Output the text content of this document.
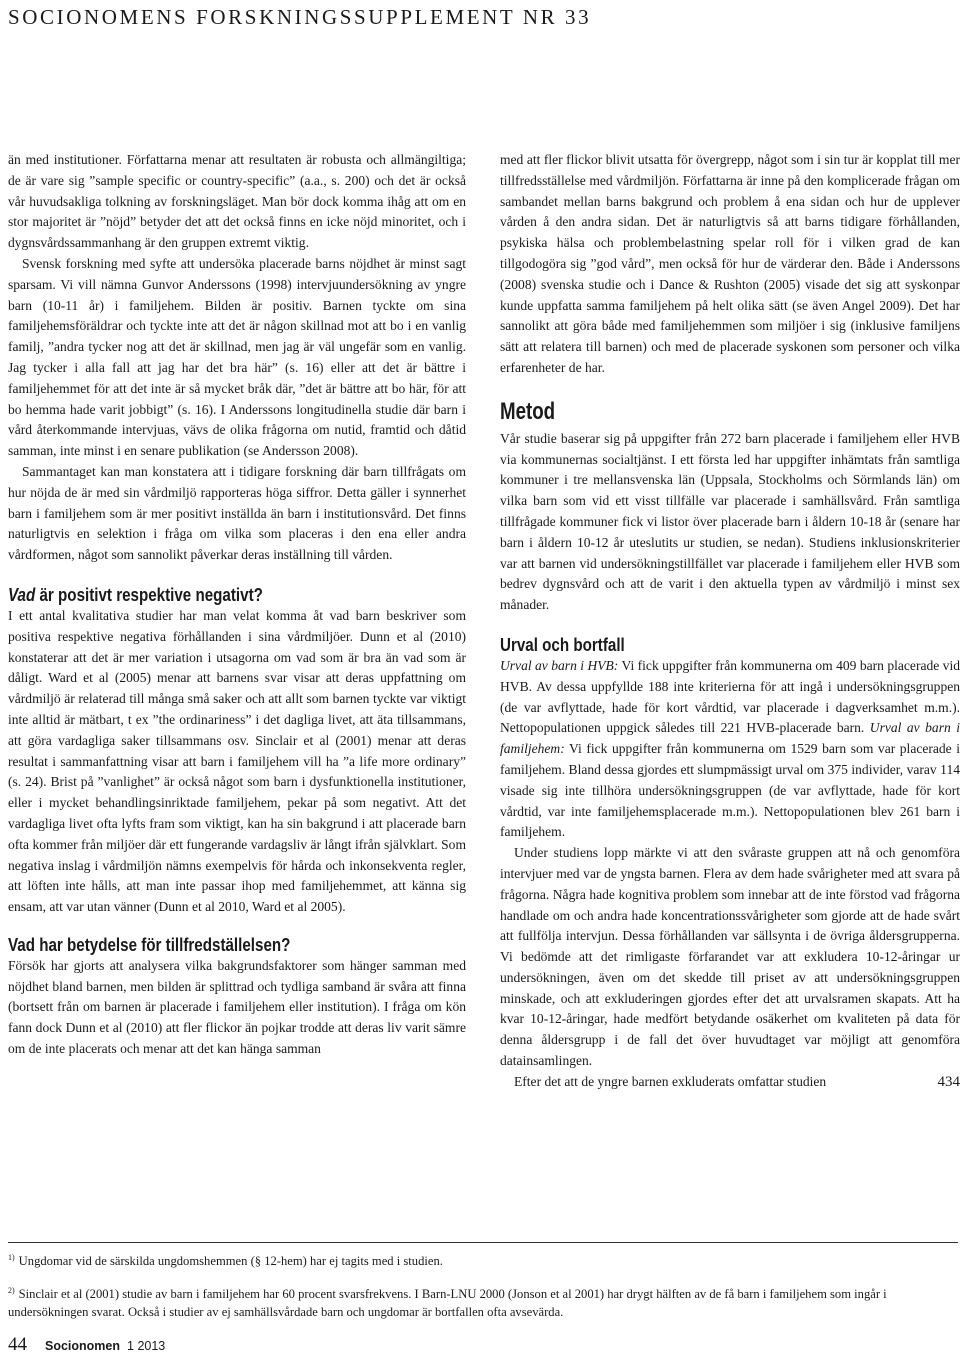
SOCIONOMENS FORSKNINGSSUPPLEMENT NR 33

än med institutioner. Författarna menar att resultaten är robusta och allmängiltiga; de är vare sig ”sample specific or country-specific” (a.a., s. 200) och det är också vår huvudsakliga tolkning av forskningsläget. Man bör dock komma ihåg att om en stor majoritet är ”nöjd” betyder det att det också finns en icke nöjd minoritet, och i dygnsvårdssammanhang är den gruppen extremt viktig.

Svensk forskning med syfte att undersöka placerade barns nöjdhet är minst sagt sparsam. Vi vill nämna Gunvor Anderssons (1998) intervjuundersökning av yngre barn (10-11 år) i familjehem. Bilden är positiv. Barnen tyckte om sina familjehemsföräldrar och tyckte inte att det är någon skillnad mot att bo i en vanlig familj, ”andra tycker nog att det är skillnad, men jag är väl ungefär som en vanlig. Jag tycker i alla fall att jag har det bra här” (s. 16) eller att det är bättre i familjehemmet för att det inte är så mycket bråk där, ”det är bättre att bo här, för att bo hemma hade varit jobbigt” (s. 16). I Anderssons longitudinella studie där barn i vård återkommande intervjuas, vävs de olika frågorna om nutid, framtid och dåtid samman, inte minst i en senare publikation (se Andersson 2008).

Sammantaget kan man konstatera att i tidigare forskning där barn tillfrågats om hur nöjda de är med sin vårdmiljö rapporteras höga siffror. Detta gäller i synnerhet barn i familjehem som är mer positivt inställda än barn i institutionsvård. Det finns naturligtvis en selektion i fråga om vilka som placeras i den ena eller andra vårdformen, något som sannolikt påverkar deras inställning till vården.

Vad är positivt respektive negativt?

I ett antal kvalitativa studier har man velat komma åt vad barn beskriver som positiva respektive negativa förhållanden i sina vårdmiljöer. Dunn et al (2010) konstaterar att det är mer variation i utsagorna om vad som är bra än vad som är dåligt. Ward et al (2005) menar att barnens svar visar att deras uppfattning om vårdmiljö är relaterad till många små saker och att allt som barnen tyckte var viktigt inte alltid är mätbart, t ex ”the ordinariness” i det dagliga livet, att äta tillsammans, att göra vardagliga saker tillsammans osv. Sinclair et al (2001) menar att deras resultat i sammanfattning visar att barn i familjehem vill ha ”a life more ordinary” (s. 24). Brist på ”vanlighet” är också något som barn i dysfunktionella institutioner, eller i mycket behandlingsinriktade familjehem, pekar på som negativt. Att det vardagliga livet ofta lyfts fram som viktigt, kan ha sin bakgrund i att placerade barn ofta kommer från miljöer där ett fungerande vardagsliv är långt ifrån självklart. Som negativa inslag i vårdmiljön nämns exempelvis för hårda och inkonsekventa regler, att löften inte hålls, att man inte passar ihop med familjehemmet, att känna sig ensam, att var utan vänner (Dunn et al 2010, Ward et al 2005).

Vad har betydelse för tillfredställelsen?

Försök har gjorts att analysera vilka bakgrundsfaktorer som hänger samman med nöjdhet bland barnen, men bilden är splittrad och tydliga samband är svåra att finna (bortsett från om barnen är placerade i familjehem eller institution). I fråga om kön fann dock Dunn et al (2010) att fler flickor än pojkar trodde att deras liv varit sämre om de inte placerats och menar att det kan hänga samman

med att fler flickor blivit utsatta för övergrepp, något som i sin tur är kopplat till mer tillfredsställelse med vårdmiljön. Författarna är inne på den komplicerade frågan om sambandet mellan barns bakgrund och problem å ena sidan och hur de upplever vården å den andra sidan. Det är naturligtvis så att barns tidigare förhållanden, psykiska hälsa och problembelastning spelar roll för i vilken grad de kan tillgodogöra sig ”god vård”, men också för hur de värderar den. Både i Anderssons (2008) svenska studie och i Dance & Rushton (2005) visade det sig att syskonpar kunde uppfatta samma familjehem på helt olika sätt (se även Angel 2009). Det har sannolikt att göra både med familjehemmen som miljöer i sig (inklusive familjens sätt att relatera till barnen) och med de placerade syskonen som personer och vilka erfarenheter de har.

Metod

Vår studie baserar sig på uppgifter från 272 barn placerade i familjehem eller HVB via kommunernas socialtjänst. I ett första led har uppgifter inhämtats från samtliga kommuner i tre mellansvenska län (Uppsala, Stockholms och Sörmlands län) om vilka barn som vid ett visst tillfälle var placerade i samhällsvård. Från samtliga tillfrågade kommuner fick vi listor över placerade barn i åldern 10-18 år (senare har barn i åldern 10-12 år uteslutits ur studien, se nedan). Studiens inklusionskriterier var att barnen vid undersökningstillfället var placerade i familjehem eller HVB som bedrev dygnsvård och att de varit i den aktuella typen av vårdmiljö i minst sex månader.

Urval och bortfall

Urval av barn i HVB: Vi fick uppgifter från kommunerna om 409 barn placerade vid HVB. Av dessa uppfyllde 188 inte kriterierna för att ingå i undersökningsgruppen (de var avflyttade, hade för kort vårdtid, var placerade i dagverksamhet m.m.). Nettopopulationen uppgick således till 221 HVB-placerade barn. Urval av barn i familjehem: Vi fick uppgifter från kommunerna om 1529 barn som var placerade i familjehem. Bland dessa gjordes ett slumpmässigt urval om 375 individer, varav 114 visade sig inte tillhöra undersökningsgruppen (de var avflyttade, hade för kort vårdtid, var inte familjehemsplacerade m.m.). Nettopopulationen blev 261 barn i familjehem.

Under studiens lopp märkte vi att den svåraste gruppen att nå och genomföra intervjuer med var de yngsta barnen. Flera av dem hade svårigheter med att svara på frågorna. Några hade kognitiva problem som innebar att de inte förstod vad frågorna handlade om och andra hade koncentrationssvårigheter som gjorde att de hade svårt att fullfölja intervjun. Dessa förhållanden var sällsynta i de övriga åldersgrupperna. Vi bedömde att det rimligaste förfarandet var att exkludera 10-12-åringar ur undersökningen, även om det skedde till priset av att undersökningsgruppen minskade, och att exkluderingen gjordes efter det att urvalsramen skapats. Att ha kvar 10-12-åringar, hade medfört betydande osäkerhet om kvaliteten på data för denna åldersgrupp i de fall det över huvudtaget var möjligt att genomföra datainsamlingen.

Efter det att de yngre barnen exkluderats omfattar studien	434

$^{1)}$ Ungdomar vid de särskilda ungdomshemmen (§ 12-hem) har ej tagits med i studien.

$^{2)}$ Sinclair et al (2001) studie av barn i familjehem har 60 procent svarsfrekvens. I Barn-LNU 2000 (Jonson et al 2001) har drygt hälften av de få barn i familjehem som ingår i undersökningen svarat. Också i studier av ej samhällsvårdade barn och ungdomar är bortfallen ofta avsevärda.

44 Socionomen 1 2013
